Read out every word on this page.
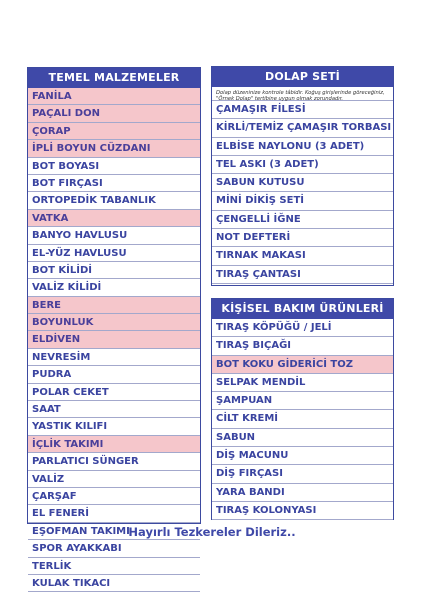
TEMEL MALZEMELER
FANİLA
PAÇALI DON
ÇORAP
İPLİ BOYUN CÜZDANI
BOT BOYASI
BOT FIRÇASI
ORTOPEDİK TABANLIK
VATKA
BANYO HAVLUSU
EL-YÜZ HAVLUSU
BOT KİLİDİ
VALİZ KİLİDİ
BERE
BOYUNLUK
ELDİVEN
NEVRESİM
PUDRA
POLAR CEKET
SAAT
YASTIK KILIFI
İÇLİK TAKIMI
PARLATICI SÜNGER
VALİZ
ÇARŞAF
EL FENERİ
EŞOFMAN TAKIMI
SPOR AYAKKABI
TERLİK
KULAK TIKACI
DOLAP SETİ
Dolap düzeninize kontrole tâbidir. Koğuş girişlerinde göreceğiniz, "Örnek Dolap" tertibine uygun olmak zorundadır.
ÇAMAŞIR FİLESİ
KİRLİ/TEMİZ ÇAMAŞIR TORBASI
ELBİSE NAYLONU (3 ADET)
TEL ASKI (3 ADET)
SABUN KUTUSU
MİNİ DİKİŞ SETİ
ÇENGELLİ İĞNE
NOT DEFTERİ
TIRNAK MAKASI
TIRAŞ ÇANTASI
KİŞİSEL BAKIM ÜRÜNLERİ
TIRAŞ KÖPÜĞÜ / JELİ
TIRAŞ BIÇAĞI
BOT KOKU GİDERİCİ TOZ
SELPAK MENDİL
ŞAMPUAN
CİLT KREMİ
SABUN
DİŞ MACUNU
DİŞ FIRÇASI
YARA BANDI
TIRAŞ KOLONYASI
Hayırlı Tezkereler Dileriz..
